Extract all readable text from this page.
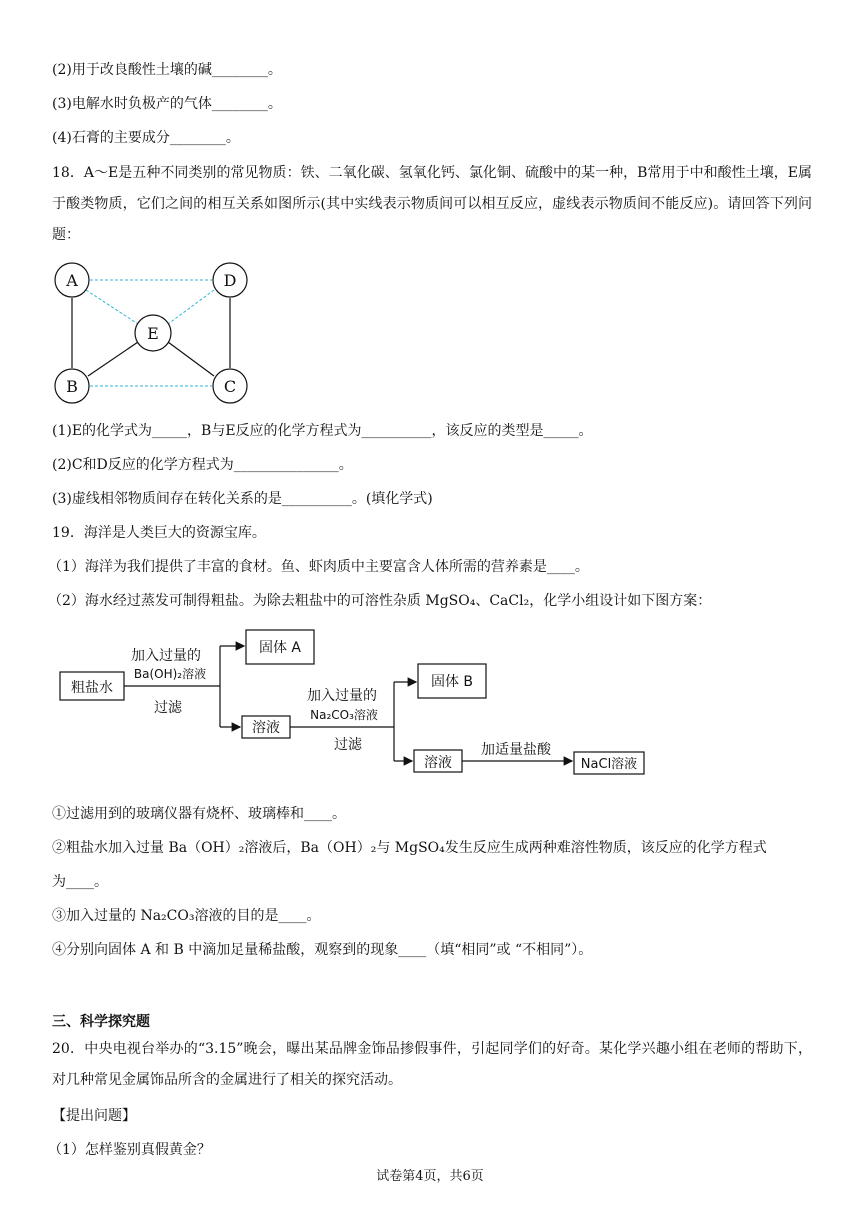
(2)用于改良酸性土壤的碱________。
(3)电解水时负极产的气体________。
(4)石膏的主要成分________。
18．A～E是五种不同类别的常见物质：铁、二氧化碳、氢氧化钙、氯化铜、硫酸中的某一种，B常用于中和酸性土壤，E属于酸类物质，它们之间的相互关系如图所示(其中实线表示物质间可以相互反应，虚线表示物质间不能反应)。请回答下列问题：
A	D
E
B	C
(1)E的化学式为_____，B与E反应的化学方程式为__________，该反应的类型是_____。
(2)C和D反应的化学方程式为_______________。
(3)虚线相邻物质间存在转化关系的是__________。(填化学式)
19．海洋是人类巨大的资源宝库。
（1）海洋为我们提供了丰富的食材。鱼、虾肉质中主要富含人体所需的营养素是____。
（2）海水经过蒸发可制得粗盐。为除去粗盐中的可溶性杂质 MgSO₄、CaCl₂，化学小组设计如下图方案：
粗盐水
加入过量的
Ba(OH)₂溶液
过滤
固体 A
溶液
加入过量的
Na₂CO₃溶液
过滤
固体 B
溶液
加适量盐酸
NaCl溶液
①过滤用到的玻璃仪器有烧杯、玻璃棒和____。
②粗盐水加入过量 Ba（OH）₂溶液后，Ba（OH）₂与 MgSO₄发生反应生成两种难溶性物质，该反应的化学方程式
为____。
③加入过量的 Na₂CO₃溶液的目的是____。
④分别向固体 A 和 B 中滴加足量稀盐酸，观察到的现象____（填“相同”或 “不相同”）。
三、科学探究题
20．中央电视台举办的“3.15”晚会，曝出某品牌金饰品掺假事件，引起同学们的好奇。某化学兴趣小组在老师的帮助下，对几种常见金属饰品所含的金属进行了相关的探究活动。
【提出问题】
（1）怎样鉴别真假黄金？
试卷第4页，共6页
